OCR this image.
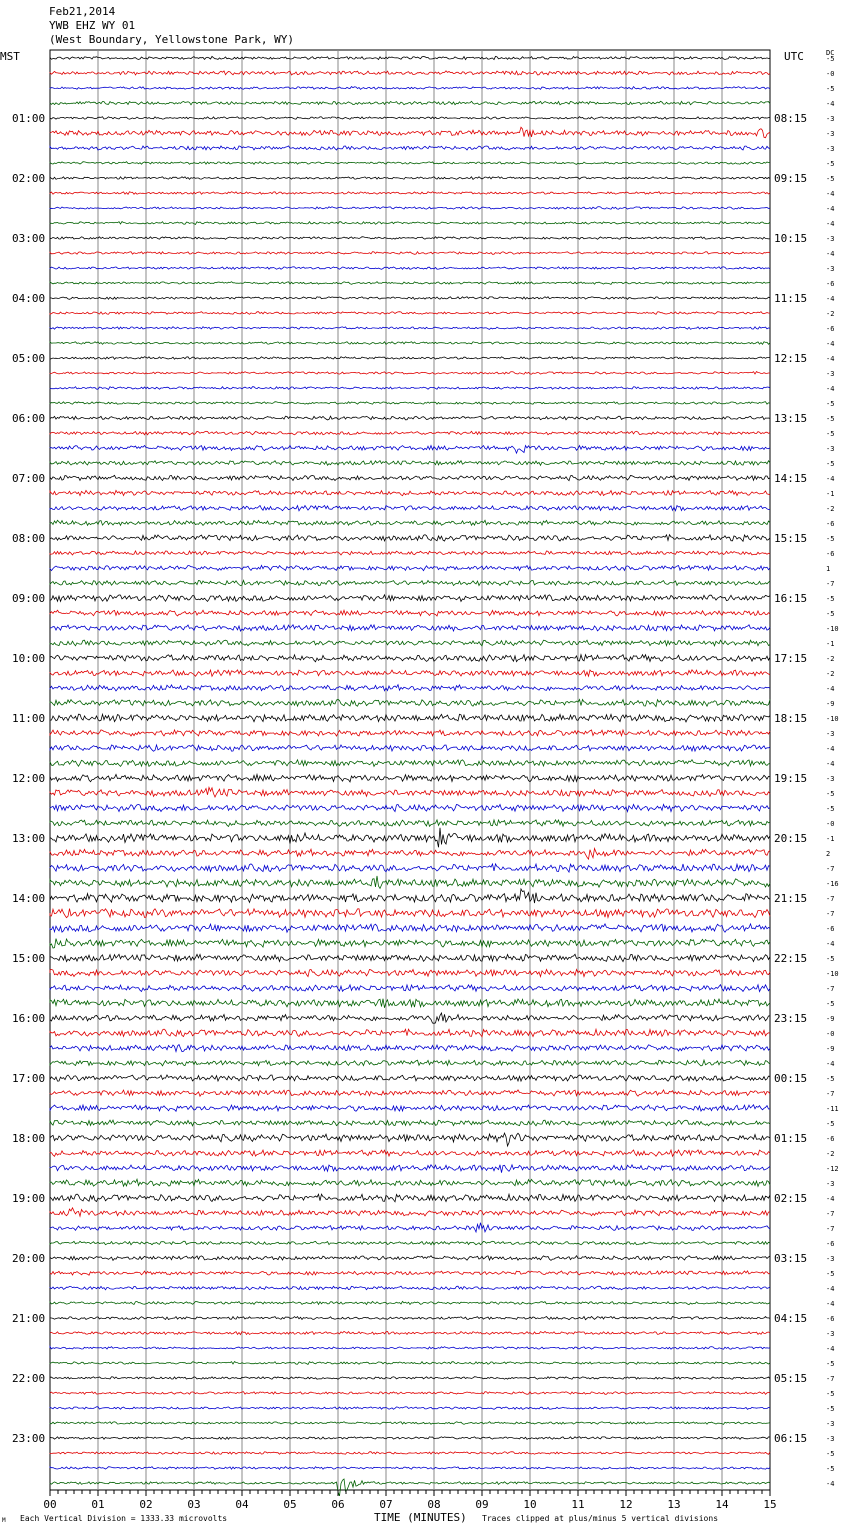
Feb21,2014
YWB EHZ WY 01
(West Boundary, Yellowstone Park, WY)
MST	UTC	DC
-5
-0
-5
-4
-3
-3
-3
-5
-5
-4
-4
-4
-3
-4
-3
-6
-4
-2
-6
-4
-4
-3
-4
-5
-5
-5
-3
-5
-4
-1
-2
-6
-5
-6
1
-7
-5
-5
-10
-1
-2
-2
-4
-9
-10
-3
-4
-4
-3
-5
-5
-0
-1
2
-7
-16
-7
-7
-6
-4
-5
-10
-7
-5
-9
-0
-9
-4
-5
-7
-11
-5
-6
-2
-12
-3
-4
-7
-7
-6
-3
-5
-4
-4
-6
-3
-4
-5
-7
-5
-5
-3
-3
-5
-5
-4
01:00
02:00
03:00
04:00
05:00
06:00
07:00
08:00
09:00
10:00
11:00
12:00
13:00
14:00
15:00
16:00
17:00
18:00
19:00
20:00
21:00
22:00
23:00
08:15
09:15
10:15
11:15
12:15
13:15
14:15
15:15
16:15
17:15
18:15
19:15
20:15
21:15
22:15
23:15
00:15
01:15
02:15
03:15
04:15
05:15
06:15
00	01	02	03	04	05	06	07	08	09	10	11	12	13	14	15
M Each Vertical Division = 1333.33 microvolts	TIME (MINUTES) Traces clipped at plus/minus 5 vertical divisions
